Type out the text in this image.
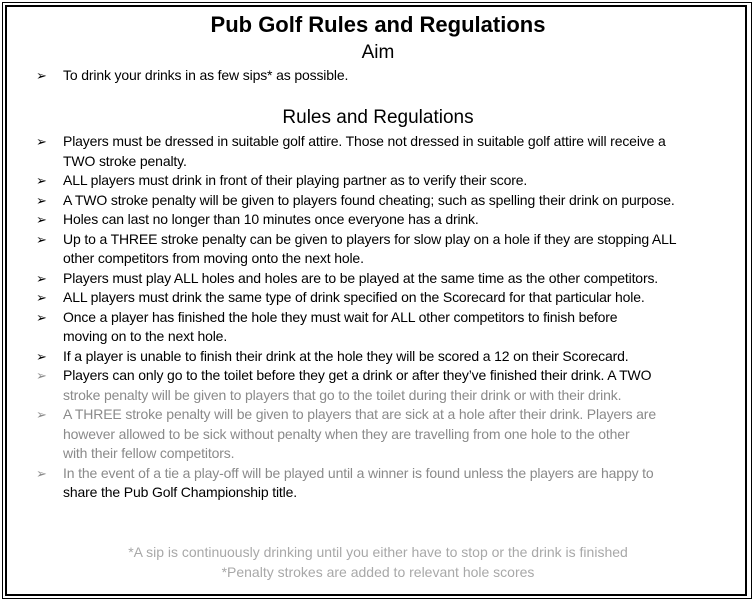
Pub Golf Rules and Regulations
Aim
➢ To drink your drinks in as few sips* as possible.
Rules and Regulations
➢ Players must be dressed in suitable golf attire. Those not dressed in suitable golf attire will receive a
TWO stroke penalty.
➢ ALL players must drink in front of their playing partner as to verify their score.
➢ A TWO stroke penalty will be given to players found cheating; such as spelling their drink on purpose.
➢ Holes can last no longer than 10 minutes once everyone has a drink.
➢ Up to a THREE stroke penalty can be given to players for slow play on a hole if they are stopping ALL
other competitors from moving onto the next hole.
➢ Players must play ALL holes and holes are to be played at the same time as the other competitors.
➢ ALL players must drink the same type of drink specified on the Scorecard for that particular hole.
➢ Once a player has finished the hole they must wait for ALL other competitors to finish before
moving on to the next hole.
➢ If a player is unable to finish their drink at the hole they will be scored a 12 on their Scorecard.
➢ Players can only go to the toilet before they get a drink or after they’ve finished their drink. A TWO
stroke penalty will be given to players that go to the toilet during their drink or with their drink.
➢ A THREE stroke penalty will be given to players that are sick at a hole after their drink. Players are
however allowed to be sick without penalty when they are travelling from one hole to the other
with their fellow competitors.
➢ In the event of a tie a play-off will be played until a winner is found unless the players are happy to
share the Pub Golf Championship title.
*A sip is continuously drinking until you either have to stop or the drink is finished
*Penalty strokes are added to relevant hole scores
